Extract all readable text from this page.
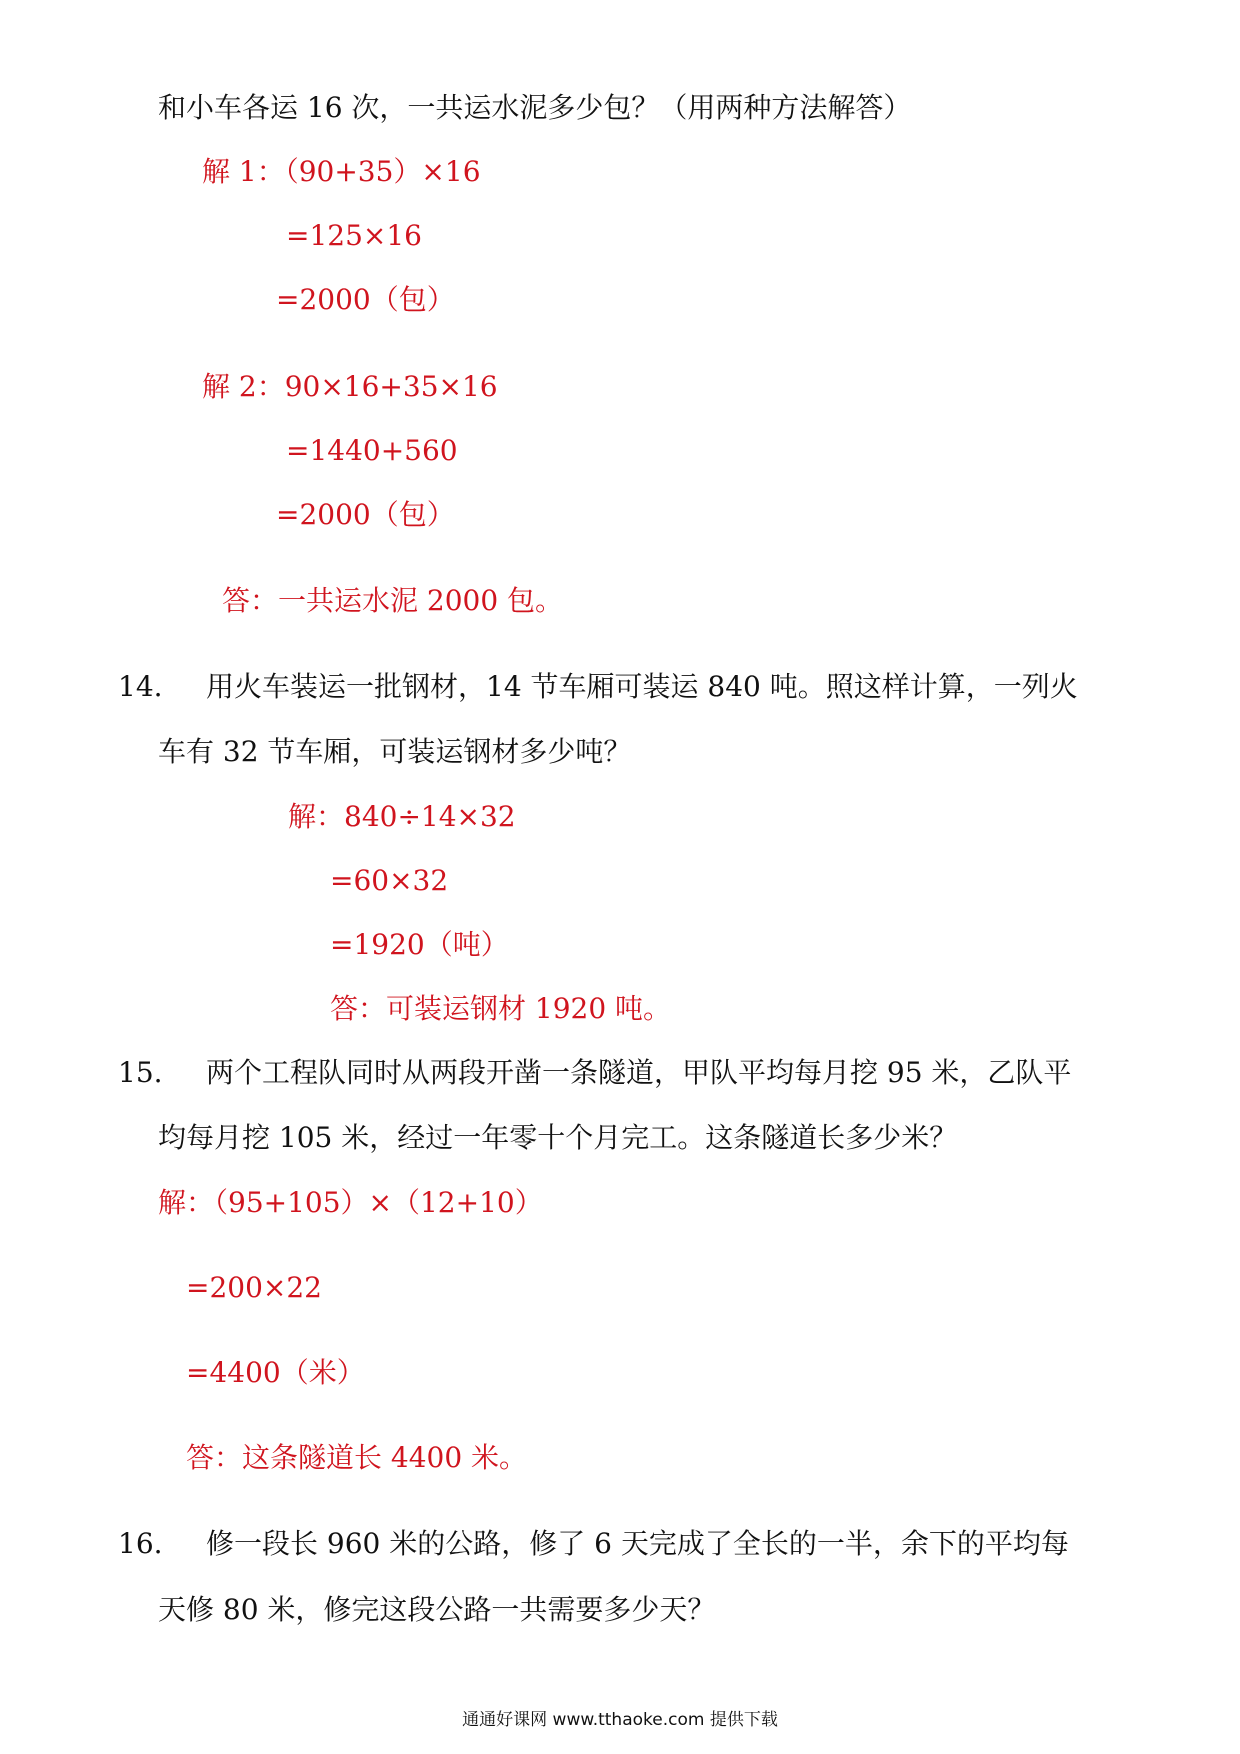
和小车各运 16 次，一共运水泥多少包？（用两种方法解答）
解 1：（90+35）×16
=125×16
=2000（包）
解 2：90×16+35×16
=1440+560
=2000（包）
答：一共运水泥 2000 包。
14. 用火车装运一批钢材，14 节车厢可装运 840 吨。照这样计算，一列火
车有 32 节车厢，可装运钢材多少吨？
解：840÷14×32
=60×32
=1920（吨）
答：可装运钢材 1920 吨。
15. 两个工程队同时从两段开凿一条隧道，甲队平均每月挖 95 米，乙队平
均每月挖 105 米，经过一年零十个月完工。这条隧道长多少米？
解：（95+105）×（12+10）
=200×22
=4400（米）
答：这条隧道长 4400 米。
16. 修一段长 960 米的公路，修了 6 天完成了全长的一半，余下的平均每
天修 80 米，修完这段公路一共需要多少天？
通通好课网 www.tthaoke.com 提供下载
